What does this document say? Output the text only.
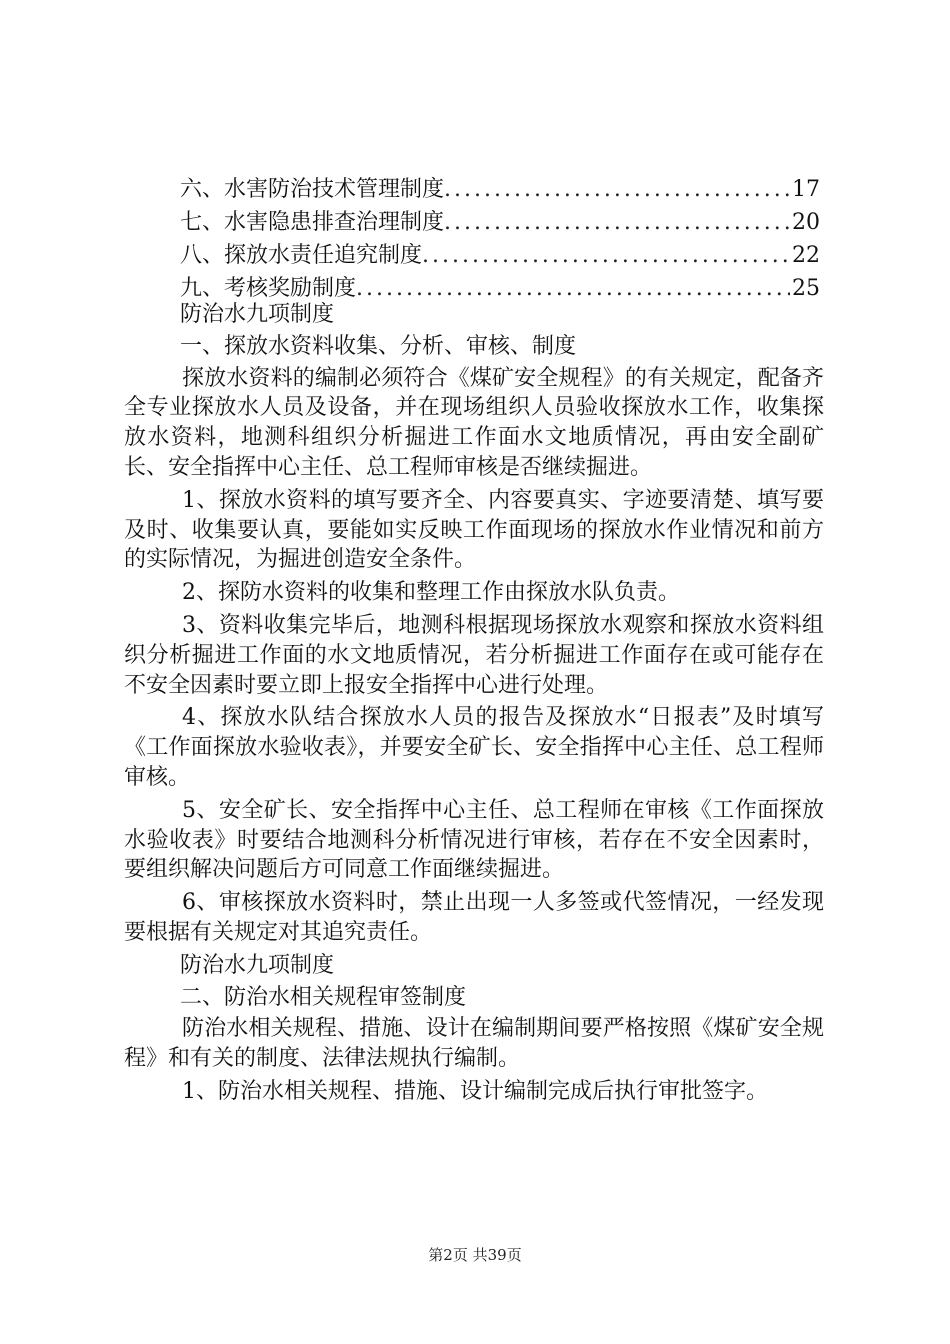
六、水害防治技术管理制度 .....	17
七、水害隐患排查治理制度 .....	20
八、探放水责任追究制度 .....	22
九、考核奖励制度 .....	25

防治水九项制度

一、探放水资料收集、分析、审核、制度

探放水资料的编制必须符合《煤矿安全规程》的有关规定，配备齐全专业探放水人员及设备，并在现场组织人员验收探放水工作，收集探放水资料，地测科组织分析掘进工作面水文地质情况，再由安全副矿长、安全指挥中心主任、总工程师审核是否继续掘进。

1、探放水资料的填写要齐全、内容要真实、字迹要清楚、填写要及时、收集要认真，要能如实反映工作面现场的探放水作业情况和前方的实际情况，为掘进创造安全条件。

2、探防水资料的收集和整理工作由探放水队负责。

3、资料收集完毕后，地测科根据现场探放水观察和探放水资料组织分析掘进工作面的水文地质情况，若分析掘进工作面存在或可能存在不安全因素时要立即上报安全指挥中心进行处理。

4、探放水队结合探放水人员的报告及探放水“日报表”及时填写《工作面探放水验收表》，并要安全矿长、安全指挥中心主任、总工程师审核。

5、安全矿长、安全指挥中心主任、总工程师在审核《工作面探放水验收表》时要结合地测科分析情况进行审核，若存在不安全因素时，要组织解决问题后方可同意工作面继续掘进。

6、审核探放水资料时，禁止出现一人多签或代签情况，一经发现要根据有关规定对其追究责任。

防治水九项制度

二、防治水相关规程审签制度

防治水相关规程、措施、设计在编制期间要严格按照《煤矿安全规程》和有关的制度、法律法规执行编制。

1、防治水相关规程、措施、设计编制完成后执行审批签字。

第2页 共39页
